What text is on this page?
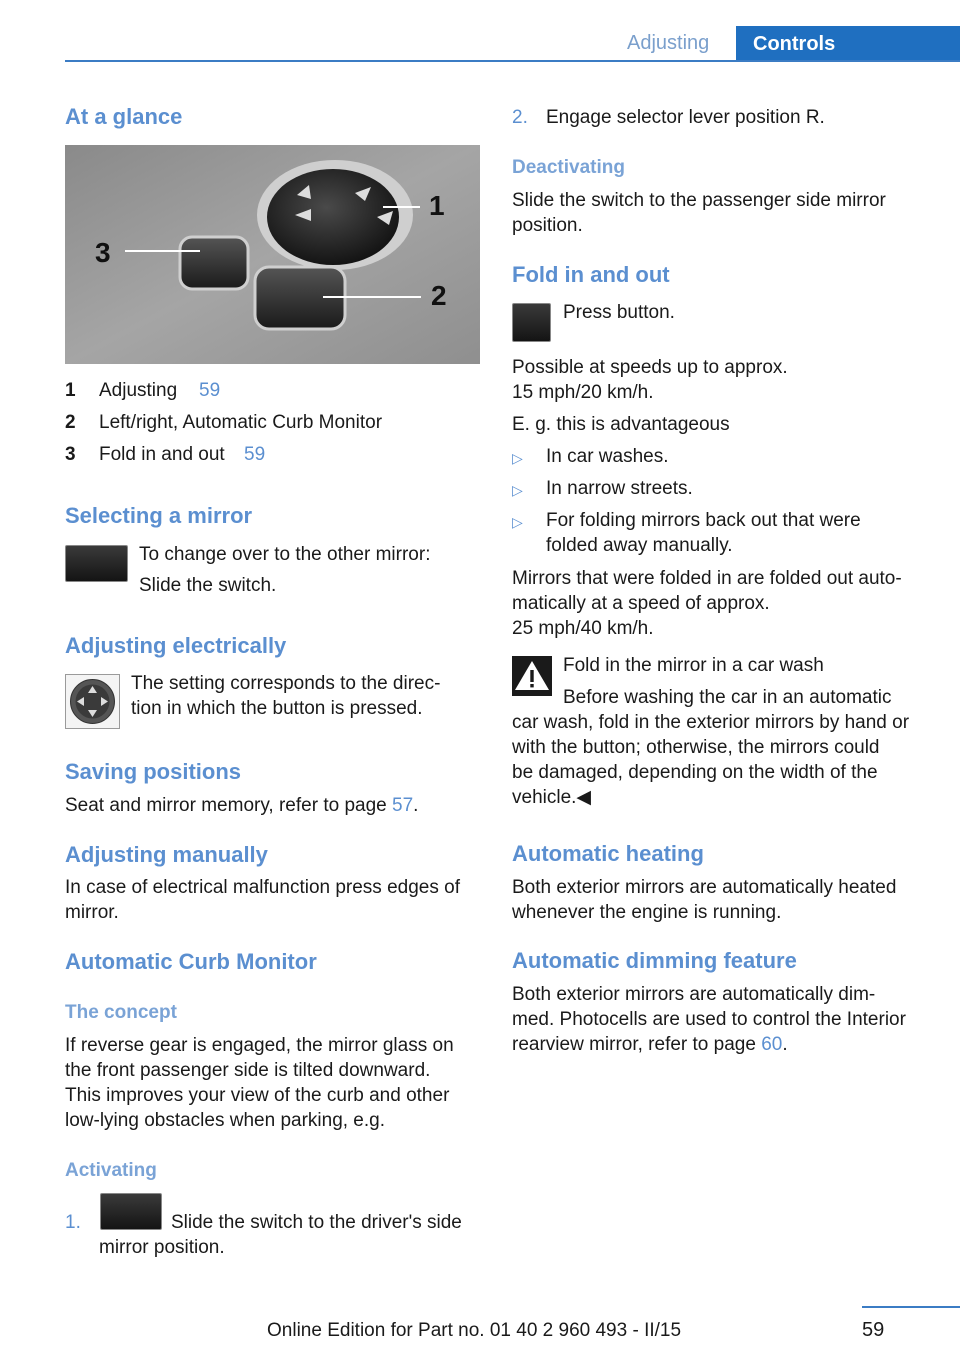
Adjusting	Controls
At a glance
1
2
3
1 Adjusting 59
2 Left/right, Automatic Curb Monitor
3 Fold in and out 59
Selecting a mirror
To change over to the other mirror:
Slide the switch.
Adjusting electrically
The setting corresponds to the direc-
tion in which the button is pressed.
Saving positions
Seat and mirror memory, refer to page 57.
Adjusting manually
In case of electrical malfunction press edges of
mirror.
Automatic Curb Monitor
The concept
If reverse gear is engaged, the mirror glass on
the front passenger side is tilted downward.
This improves your view of the curb and other
low-lying obstacles when parking, e.g.
Activating
1.	Slide the switch to the driver's side
mirror position.
2. Engage selector lever position R.
Deactivating
Slide the switch to the passenger side mirror
position.
Fold in and out
Press button.
Possible at speeds up to approx.
15 mph/20 km/h.
E. g. this is advantageous
▷ In car washes.
▷ In narrow streets.
▷ For folding mirrors back out that were
folded away manually.
Mirrors that were folded in are folded out auto-
matically at a speed of approx.
25 mph/40 km/h.
Fold in the mirror in a car wash
Before washing the car in an automatic
car wash, fold in the exterior mirrors by hand or
with the button; otherwise, the mirrors could
be damaged, depending on the width of the
vehicle.◀
Automatic heating
Both exterior mirrors are automatically heated
whenever the engine is running.
Automatic dimming feature
Both exterior mirrors are automatically dim-
med. Photocells are used to control the Interior
rearview mirror, refer to page 60.
59
Online Edition for Part no. 01 40 2 960 493 - II/15
